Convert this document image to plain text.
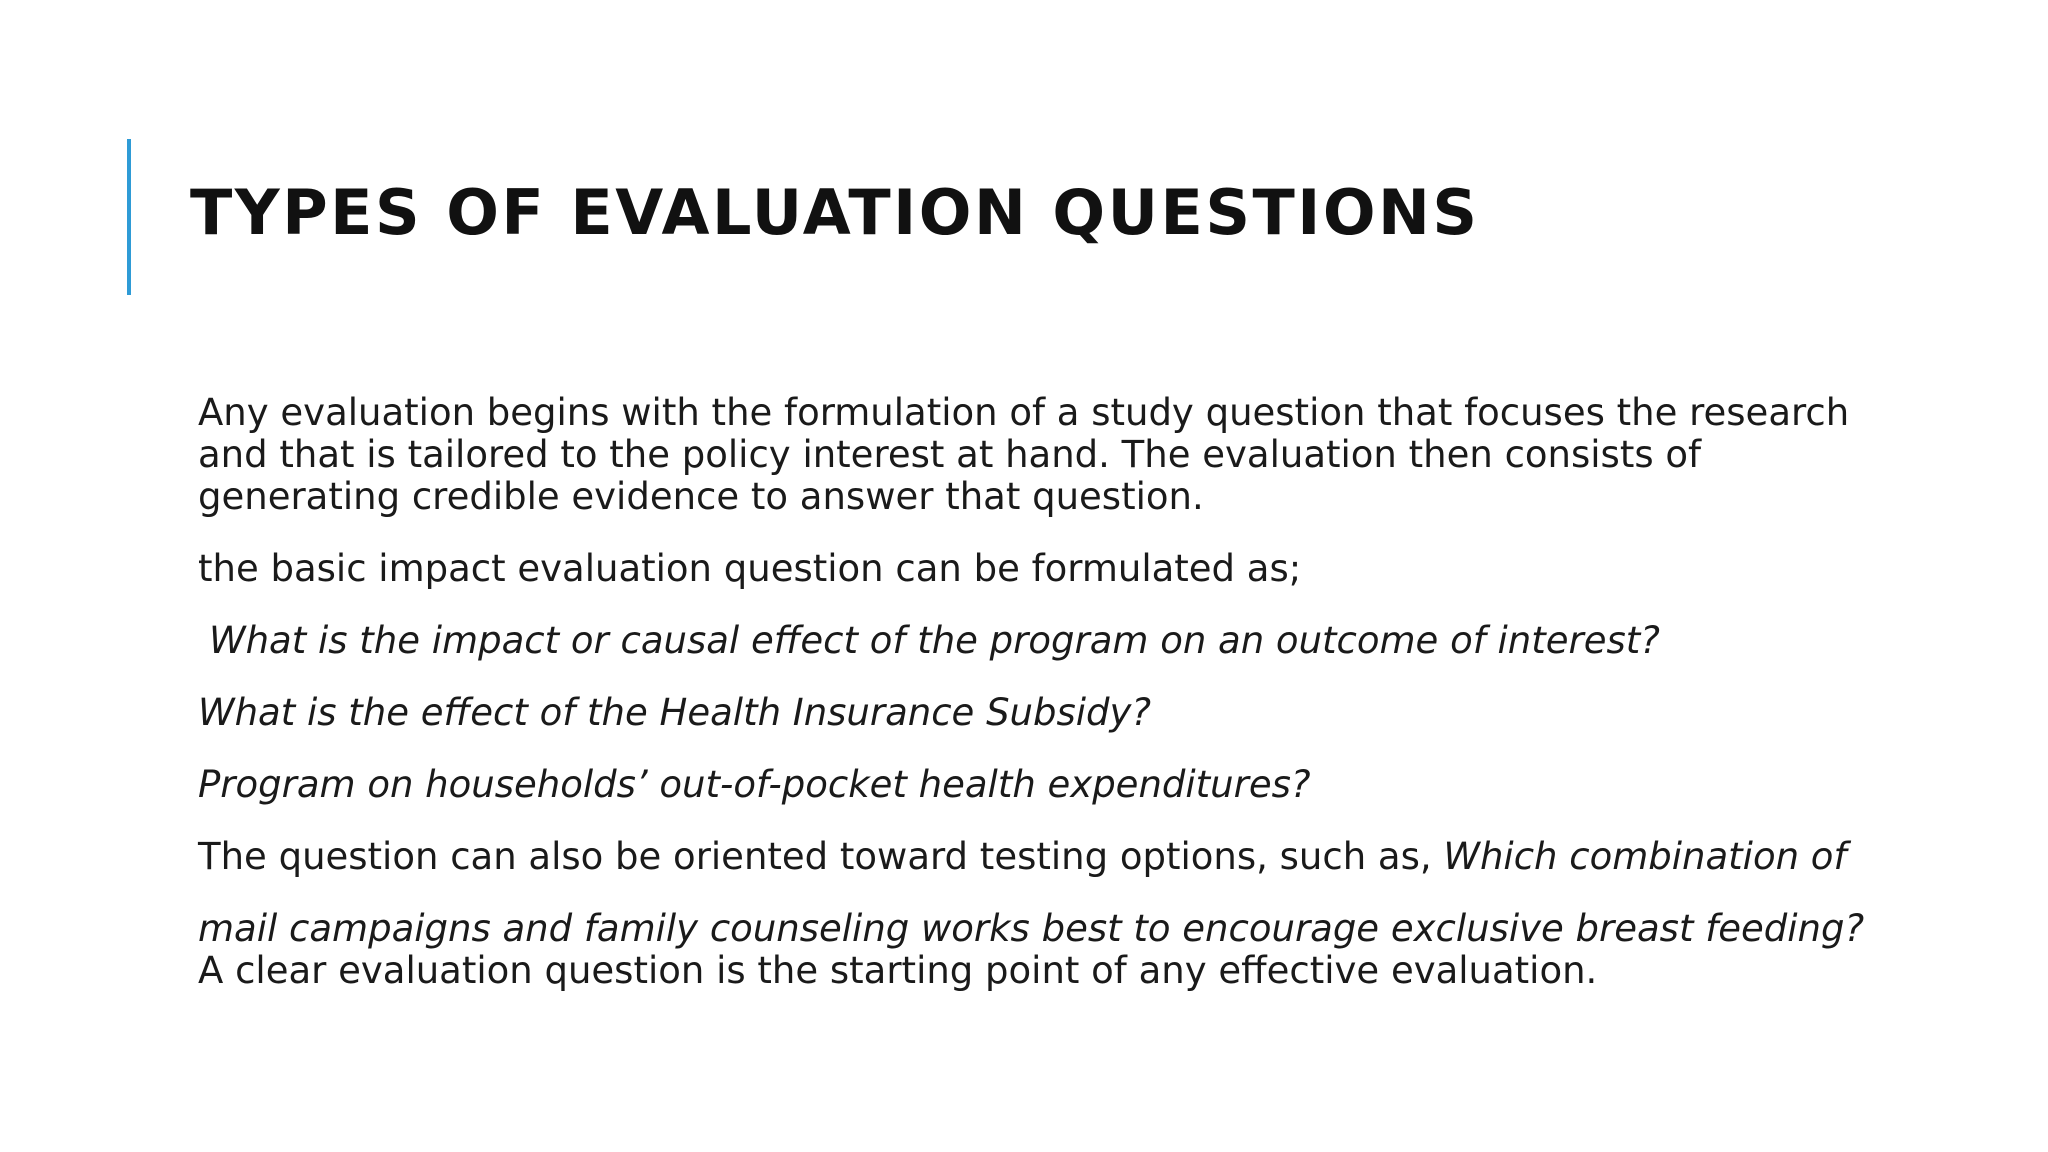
TYPES OF EVALUATION QUESTIONS

Any evaluation begins with the formulation of a study question that focuses the research and that is tailored to the policy interest at hand. The evaluation then consists of generating credible evidence to answer that question.

the basic impact evaluation question can be formulated as;

What is the impact or causal effect of the program on an outcome of interest?

What is the effect of the Health Insurance Subsidy?

Program on households’ out-of-pocket health expenditures?

The question can also be oriented toward testing options, such as, Which combination of

mail campaigns and family counseling works best to encourage exclusive breast feeding? A clear evaluation question is the starting point of any effective evaluation.
